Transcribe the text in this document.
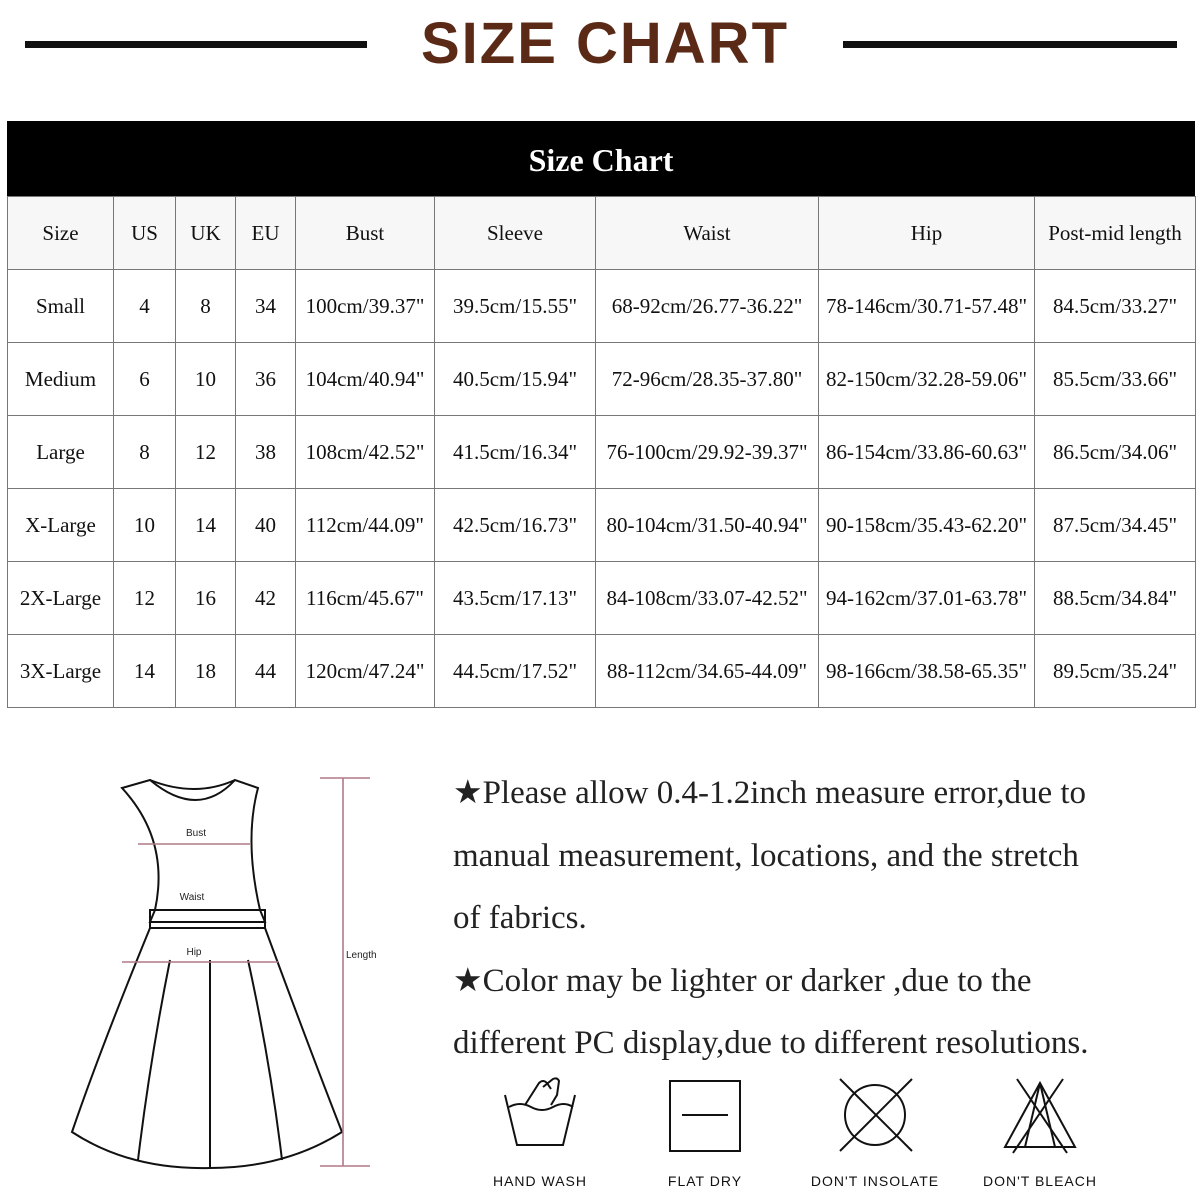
SIZE CHART
Size Chart
Size	US	UK	EU	Bust	Sleeve	Waist	Hip	Post-mid length
Small	4	8	34	100cm/39.37"	39.5cm/15.55"	68-92cm/26.77-36.22"	78-146cm/30.71-57.48"	84.5cm/33.27"
Medium	6	10	36	104cm/40.94"	40.5cm/15.94"	72-96cm/28.35-37.80"	82-150cm/32.28-59.06"	85.5cm/33.66"
Large	8	12	38	108cm/42.52"	41.5cm/16.34"	76-100cm/29.92-39.37"	86-154cm/33.86-60.63"	86.5cm/34.06"
X-Large	10	14	40	112cm/44.09"	42.5cm/16.73"	80-104cm/31.50-40.94"	90-158cm/35.43-62.20"	87.5cm/34.45"
2X-Large	12	16	42	116cm/45.67"	43.5cm/17.13"	84-108cm/33.07-42.52"	94-162cm/37.01-63.78"	88.5cm/34.84"
3X-Large	14	18	44	120cm/47.24"	44.5cm/17.52"	88-112cm/34.65-44.09"	98-166cm/38.58-65.35"	89.5cm/35.24"
Bust
Waist
Hip	Length
★Please allow 0.4-1.2inch measure error,due to
manual measurement, locations, and the stretch
of fabrics.
★Color may be lighter or darker ,due to the
different PC display,due to different resolutions.
HAND WASH	FLAT DRY	DON'T INSOLATE	DON'T BLEACH
